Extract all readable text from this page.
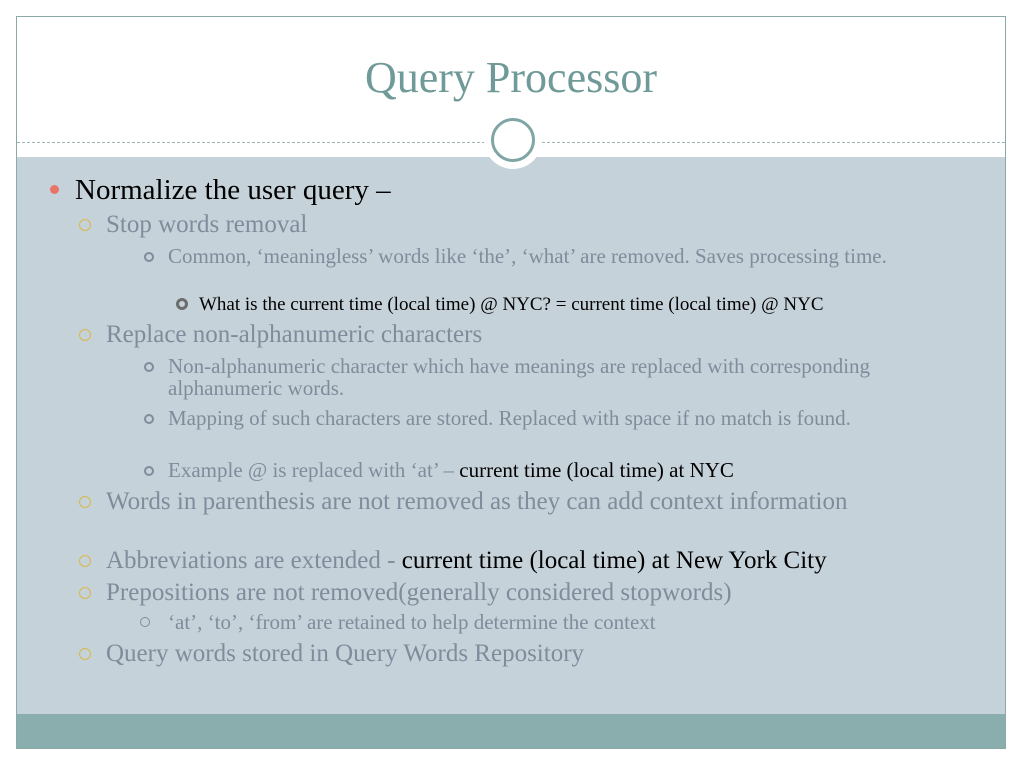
Query Processor
Normalize the user query –
Stop words removal
Common, ‘meaningless’ words like ‘the’, ‘what’ are removed. Saves processing time.
What is the current time (local time) @ NYC? = current time (local time) @ NYC
Replace non-alphanumeric characters
Non-alphanumeric character which have meanings are replaced with corresponding alphanumeric words.
Mapping of such characters are stored. Replaced with space if no match is found.
Example @ is replaced with ‘at’ – current time (local time) at NYC
Words in parenthesis are not removed as they can add context information
Abbreviations are extended - current time (local time) at New York City
Prepositions are not removed(generally considered stopwords)
‘at’, ‘to’, ‘from’ are retained to help determine the context
Query words stored in Query Words Repository
